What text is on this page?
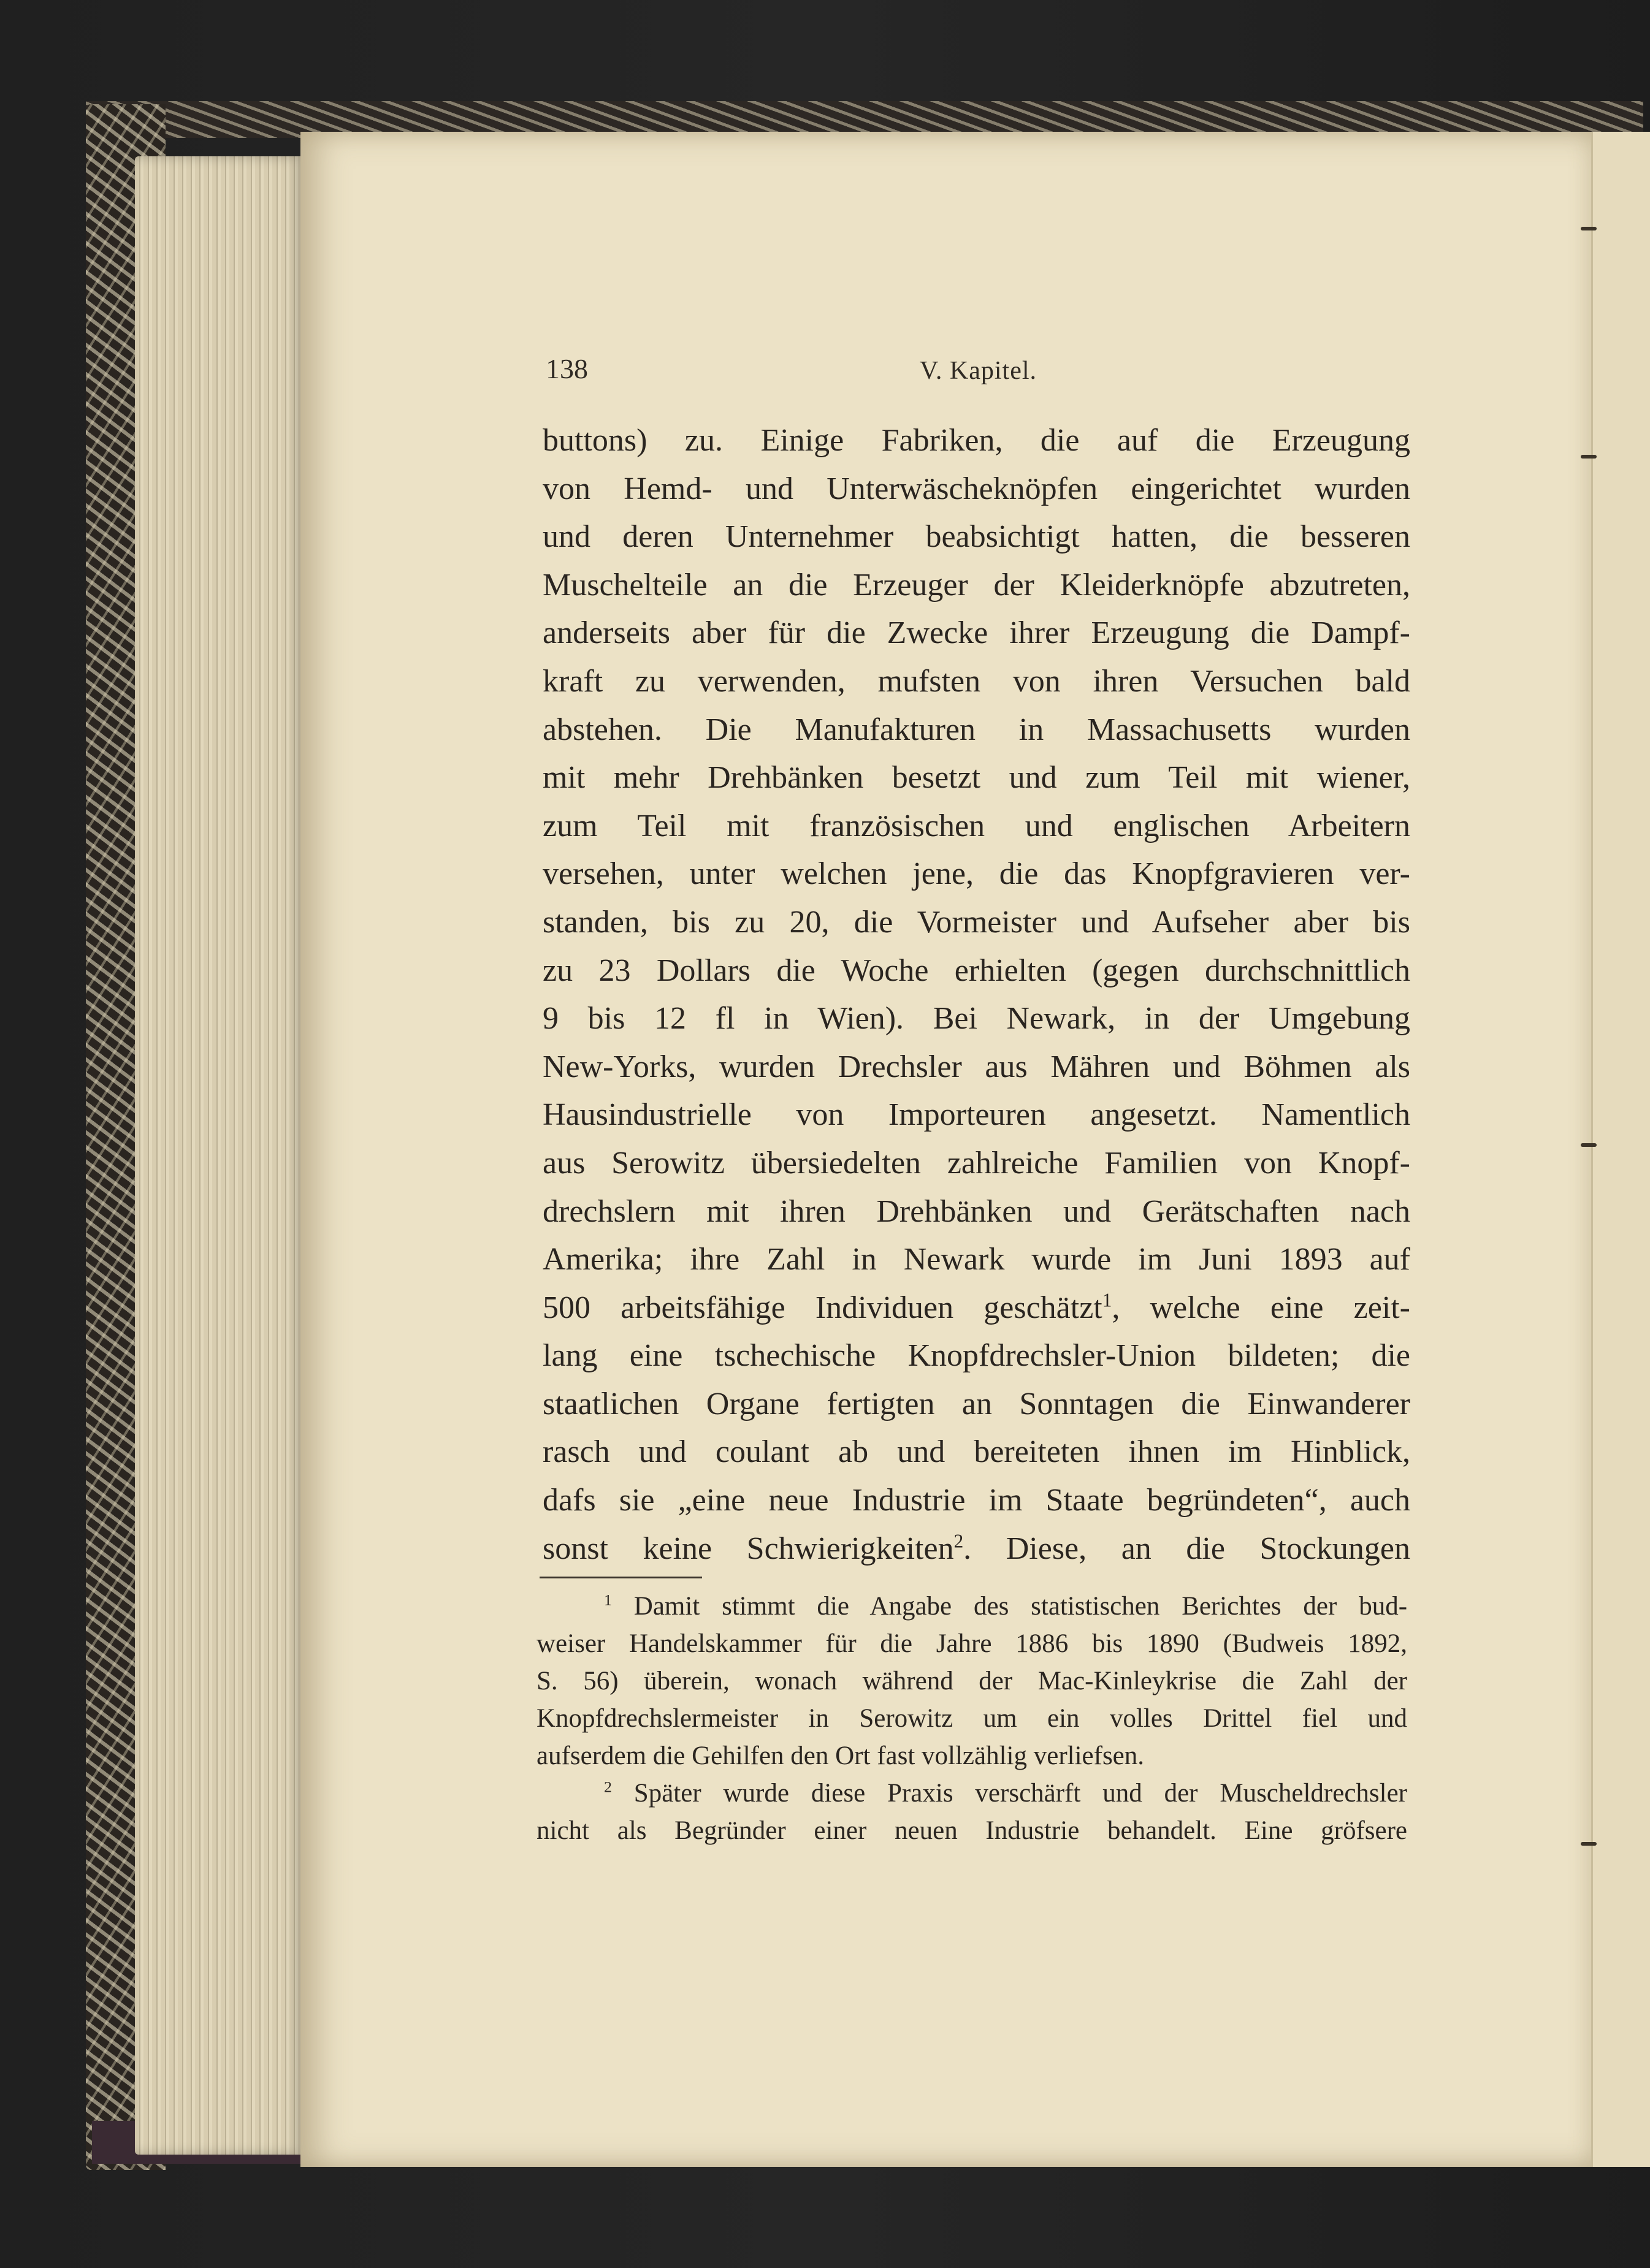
138	V. Kapitel.
buttons) zu. Einige Fabriken, die auf die Erzeugung
von Hemd- und Unterwäscheknöpfen eingerichtet wurden
und deren Unternehmer beabsichtigt hatten, die besseren
Muschelteile an die Erzeuger der Kleiderknöpfe abzutreten,
anderseits aber für die Zwecke ihrer Erzeugung die Dampf-
kraft zu verwenden, mufsten von ihren Versuchen bald
abstehen. Die Manufakturen in Massachusetts wurden
mit mehr Drehbänken besetzt und zum Teil mit wiener,
zum Teil mit französischen und englischen Arbeitern
versehen, unter welchen jene, die das Knopfgravieren ver-
standen, bis zu 20, die Vormeister und Aufseher aber bis
zu 23 Dollars die Woche erhielten (gegen durchschnittlich
9 bis 12 fl in Wien). Bei Newark, in der Umgebung
New-Yorks, wurden Drechsler aus Mähren und Böhmen als
Hausindustrielle von Importeuren angesetzt. Namentlich
aus Serowitz übersiedelten zahlreiche Familien von Knopf-
drechslern mit ihren Drehbänken und Gerätschaften nach
Amerika; ihre Zahl in Newark wurde im Juni 1893 auf
500 arbeitsfähige Individuen geschätzt$^1$, welche eine zeit-
lang eine tschechische Knopfdrechsler-Union bildeten; die
staatlichen Organe fertigten an Sonntagen die Einwanderer
rasch und coulant ab und bereiteten ihnen im Hinblick,
dafs sie „eine neue Industrie im Staate begründeten“, auch
sonst keine Schwierigkeiten$^2$. Diese, an die Stockungen
$^1$ Damit stimmt die Angabe des statistischen Berichtes der bud-
weiser Handelskammer für die Jahre 1886 bis 1890 (Budweis 1892,
S. 56) überein, wonach während der Mac-Kinleykrise die Zahl der
Knopfdrechslermeister in Serowitz um ein volles Drittel fiel und
aufserdem die Gehilfen den Ort fast vollzählig verliefsen.
$^2$ Später wurde diese Praxis verschärft und der Muscheldrechsler
nicht als Begründer einer neuen Industrie behandelt. Eine gröfsere
